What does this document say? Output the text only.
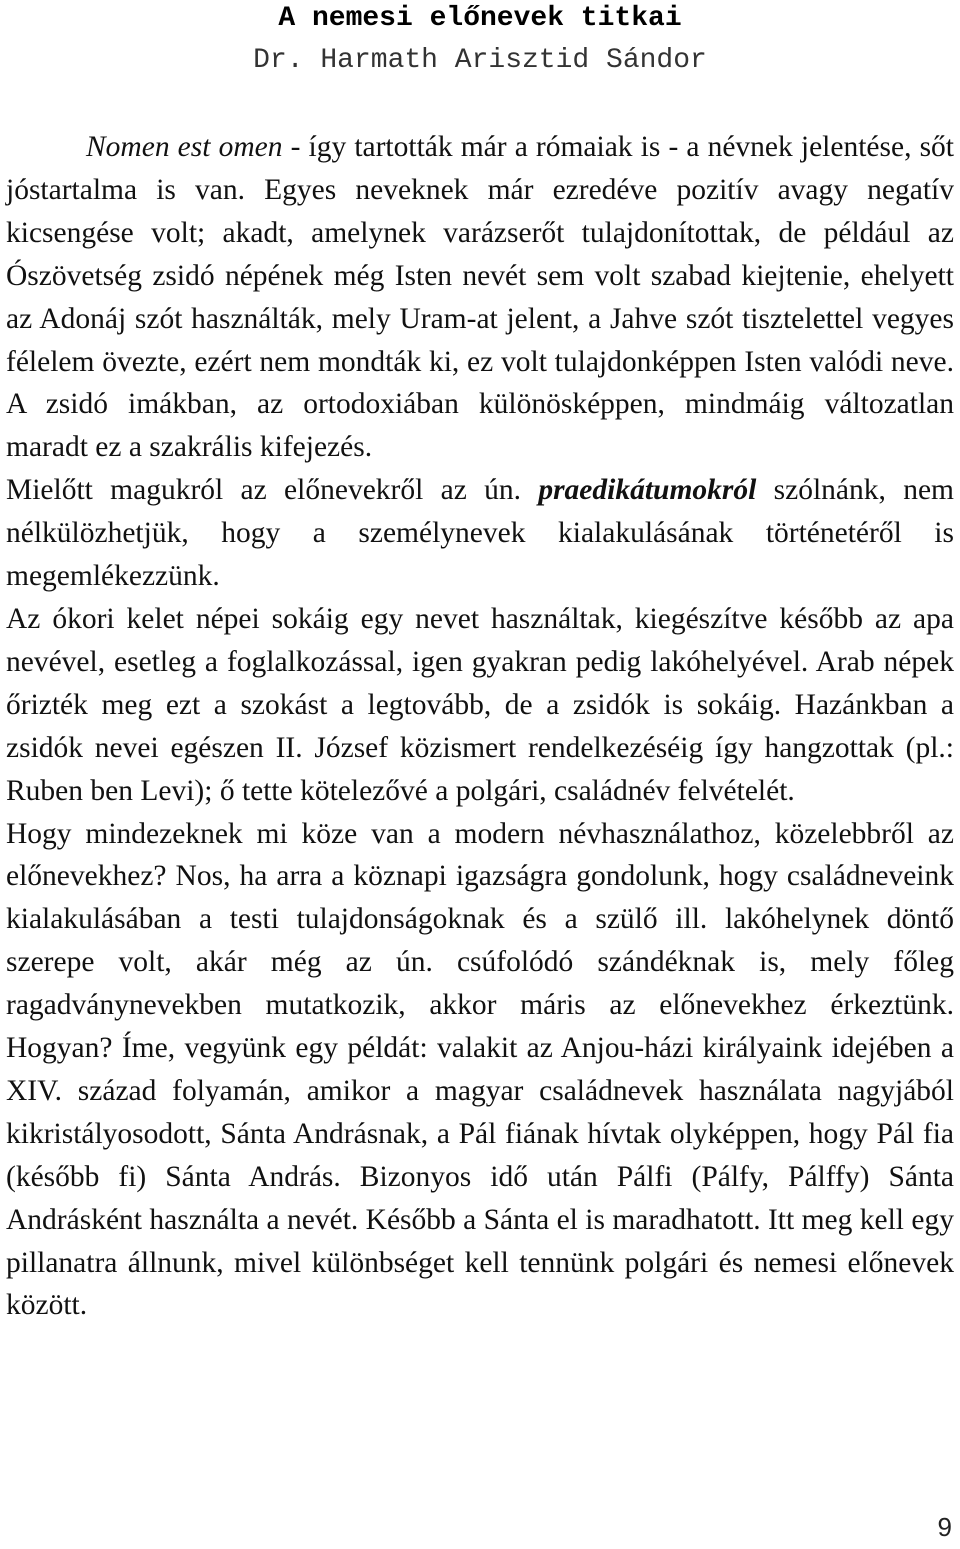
A nemesi előnevek titkai
Dr. Harmath Arisztid Sándor

Nomen est omen - így tartották már a rómaiak is - a névnek jelentése, sőt jóstartalma is van. Egyes neveknek már ezredéve pozitív avagy negatív kicsengése volt; akadt, amelynek varázserőt tulajdonítottak, de például az Ószövetség zsidó népének még Isten nevét sem volt szabad kiejtenie, ehelyett az Adonáj szót használták, mely Uram-at jelent, a Jahve szót tisztelettel vegyes félelem övezte, ezért nem mondták ki, ez volt tulajdonképpen Isten valódi neve. A zsidó imákban, az ortodoxiában különösképpen, mindmáig változatlan maradt ez a szakrális kifejezés.

Mielőtt magukról az előnevekről az ún. praedikátumokról szólnánk, nem nélkülözhetjük, hogy a személynevek kialakulásának történetéről is megemlékezzünk.

Az ókori kelet népei sokáig egy nevet használtak, kiegészítve később az apa nevével, esetleg a foglalkozással, igen gyakran pedig lakóhelyével. Arab népek őrizték meg ezt a szokást a legtovább, de a zsidók is sokáig. Hazánkban a zsidók nevei egészen II. József közismert rendelkezéséig így hangzottak (pl.: Ruben ben Levi); ő tette kötelezővé a polgári, családnév felvételét.

Hogy mindezeknek mi köze van a modern névhasználathoz, közelebbről az előnevekhez? Nos, ha arra a köznapi igazságra gondolunk, hogy családneveink kialakulásában a testi tulajdonságoknak és a szülő ill. lakóhelynek döntő szerepe volt, akár még az ún. csúfolódó szándéknak is, mely főleg ragadványnevekben mutatkozik, akkor máris az előnevekhez érkeztünk. Hogyan? Íme, vegyünk egy példát: valakit az Anjou-házi királyaink idejében a XIV. század folyamán, amikor a magyar családnevek használata nagyjából kikristályosodott, Sánta Andrásnak, a Pál fiának hívtak olyképpen, hogy Pál fia (később fi) Sánta András. Bizonyos idő után Pálfi (Pálfy, Pálffy) Sánta Andrásként használta a nevét. Később a Sánta el is maradhatott. Itt meg kell egy pillanatra állnunk, mivel különbséget kell tennünk polgári és nemesi előnevek között.

9
